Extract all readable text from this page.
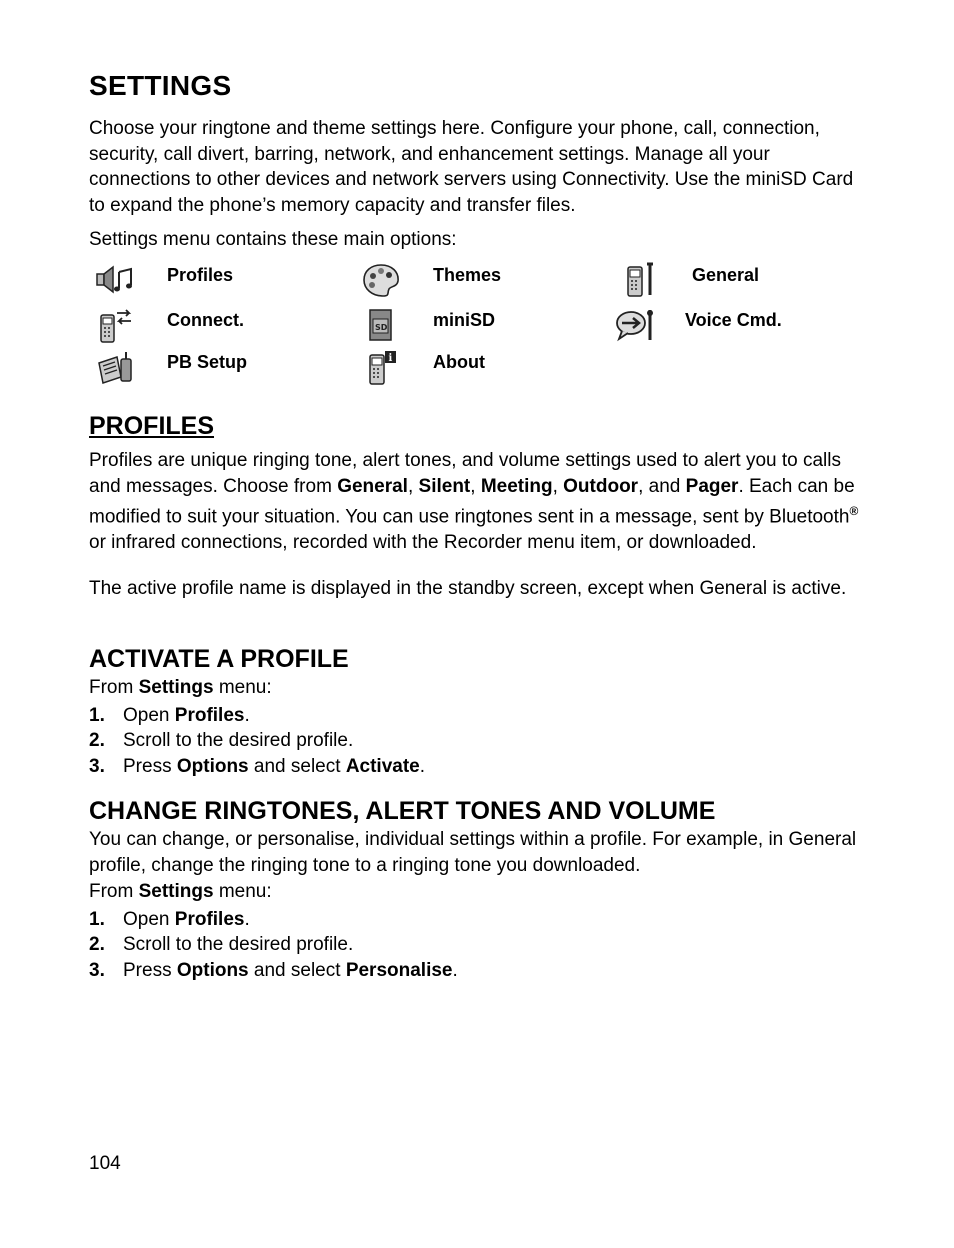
SETTINGS

Choose your ringtone and theme settings here. Configure your phone, call, connection, security, call divert, barring, network, and enhancement settings. Manage all your connections to other devices and network servers using Connectivity. Use the miniSD Card to expand the phone’s memory capacity and transfer files.

Settings menu contains these main options:

Profiles	Themes	General
Connect.	SD	miniSD	Voice Cmd.
PB Setup	i About
PROFILES

Profiles are unique ringing tone, alert tones, and volume settings used to alert you to calls and messages. Choose from General, Silent, Meeting, Outdoor, and Pager. Each can be modified to suit your situation. You can use ringtones sent in a message, sent by Bluetooth® or infrared connections, recorded with the Recorder menu item, or downloaded.

The active profile name is displayed in the standby screen, except when General is active.

ACTIVATE A PROFILE

From Settings menu:

1. Open Profiles.
2. Scroll to the desired profile.
3. Press Options and select Activate.
CHANGE RINGTONES, ALERT TONES AND VOLUME

You can change, or personalise, individual settings within a profile. For example, in General profile, change the ringing tone to a ringing tone you downloaded.

From Settings menu:

1. Open Profiles.
2. Scroll to the desired profile.
3. Press Options and select Personalise.
104
